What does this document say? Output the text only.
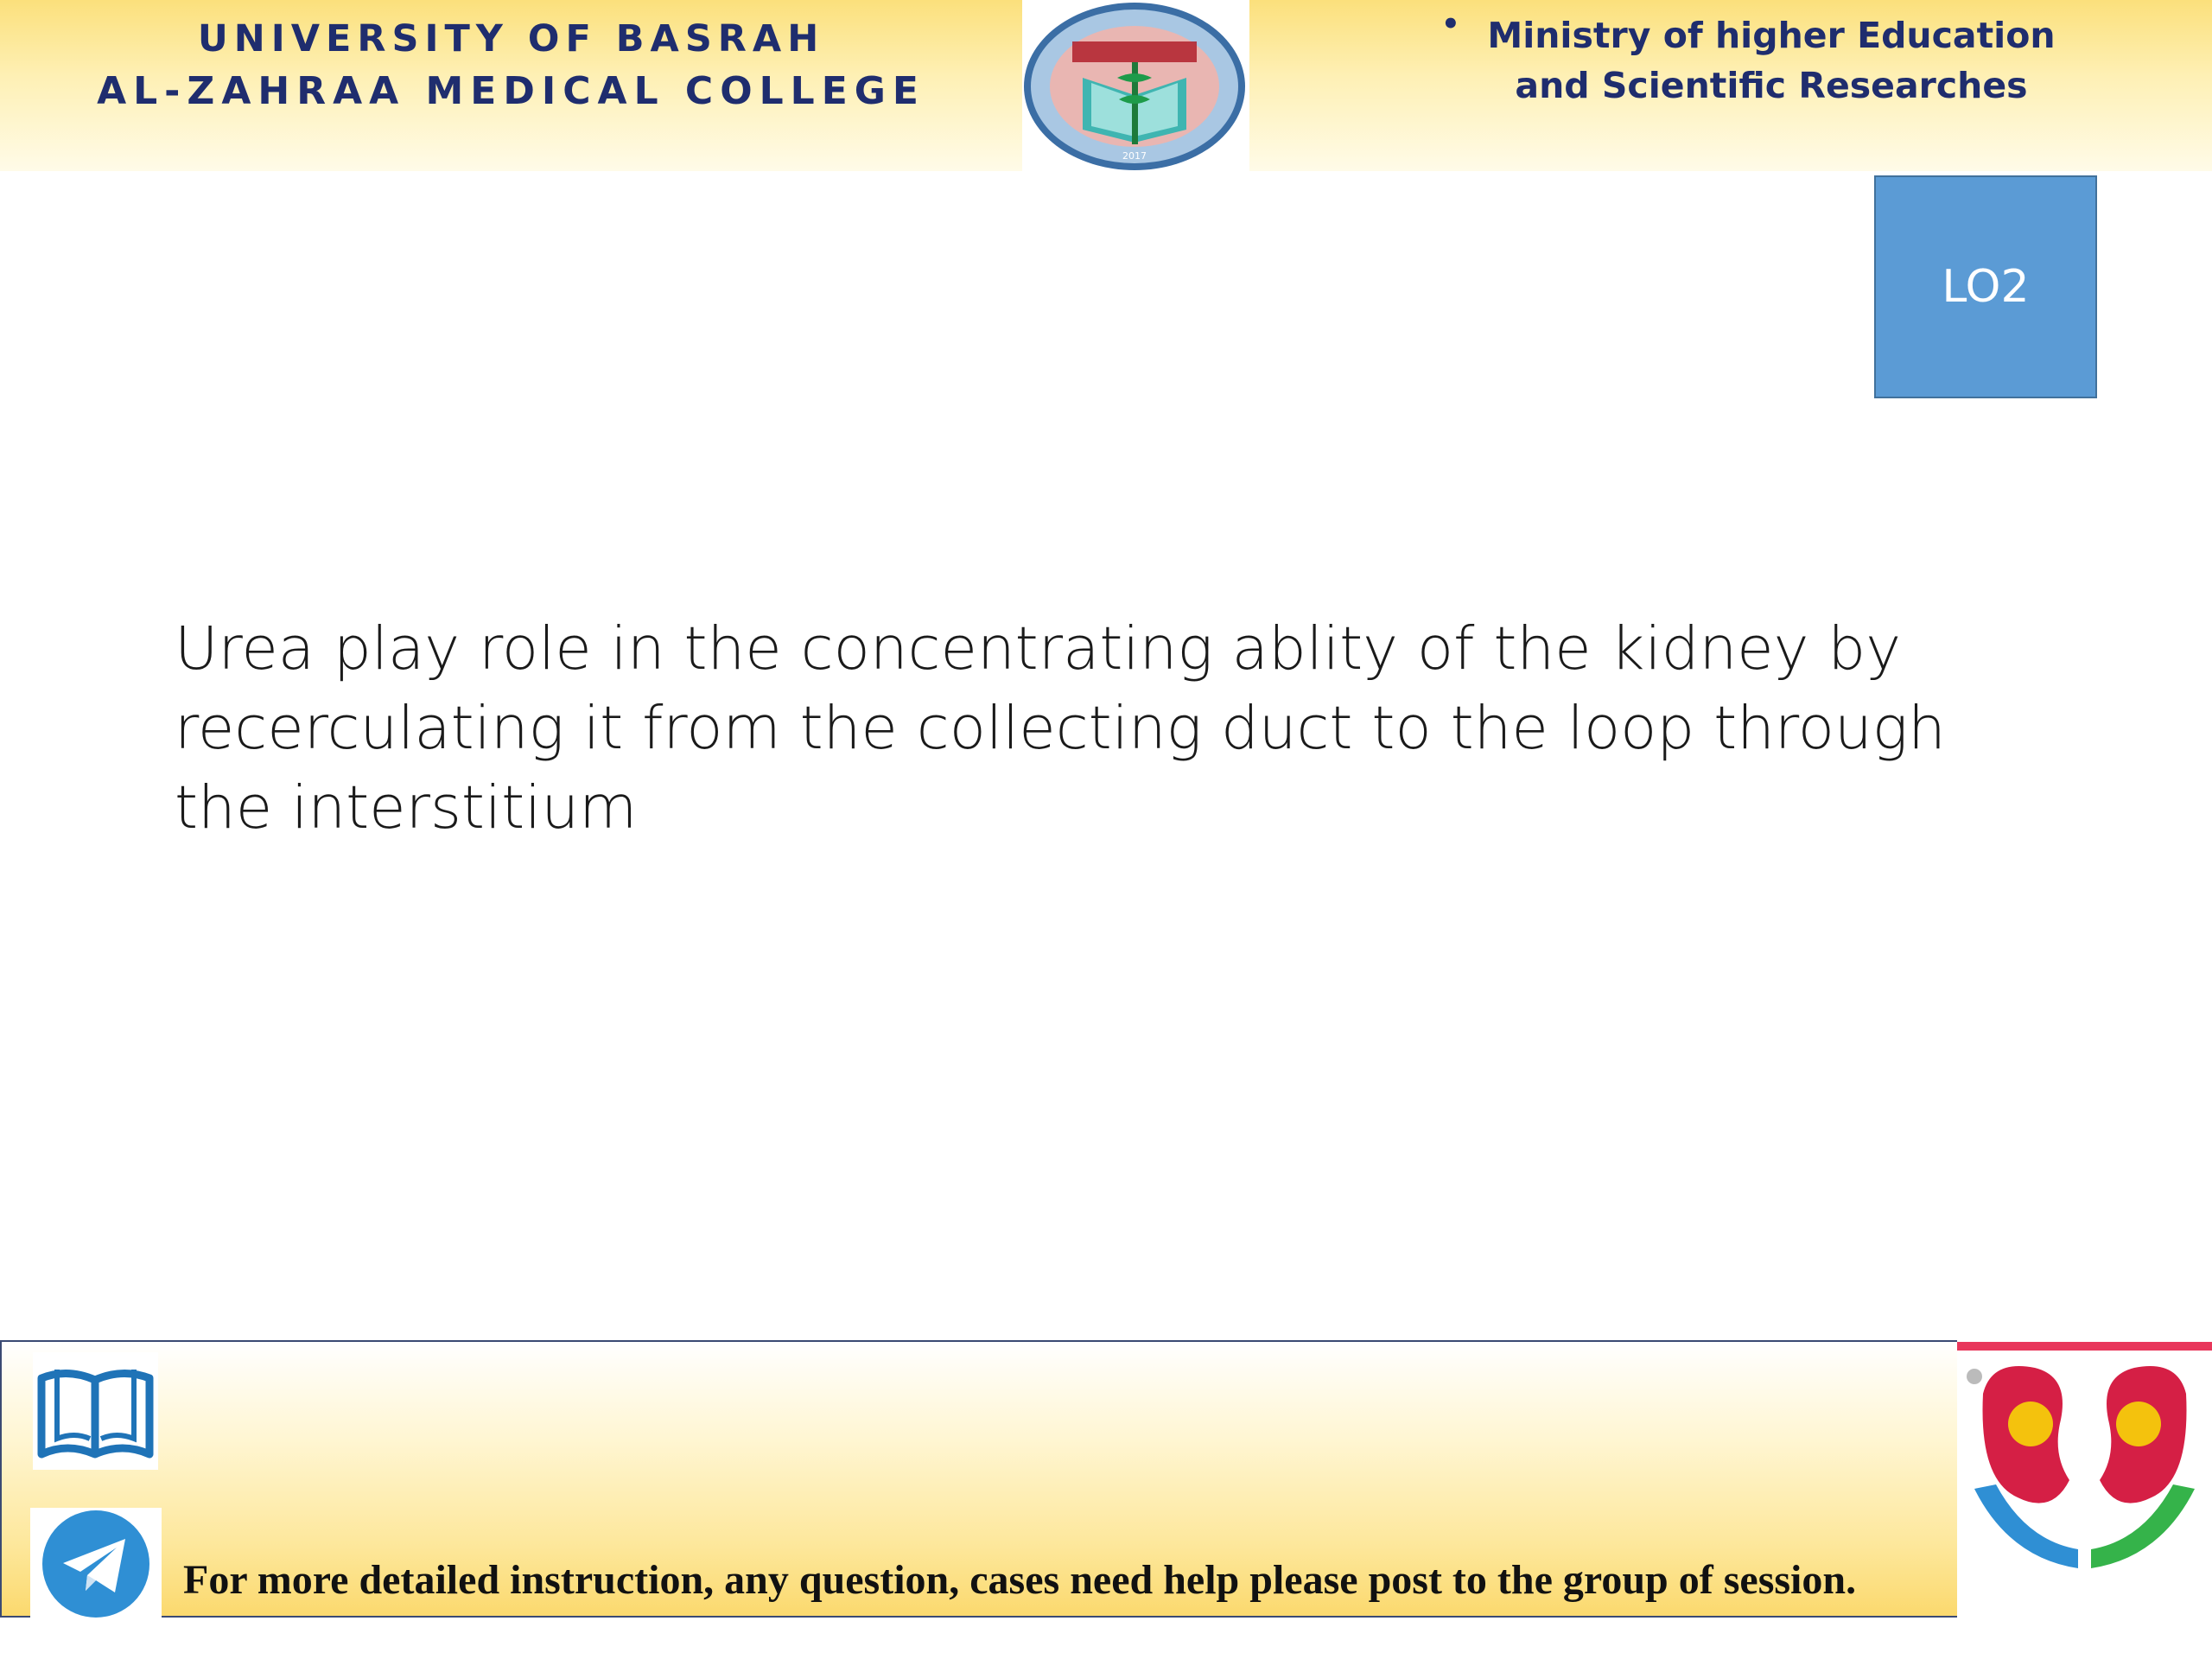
UNIVERSITY OF BASRAH
AL-ZAHRAA MEDICAL COLLEGE
2017
• Ministry of higher Education
and Scientific Researches
LO2
Urea play role in the concentrating ablity of the kidney by
recerculating it from the collecting duct to the loop through
the interstitium
For more detailed instruction, any question, cases need help please post to the group of session.
